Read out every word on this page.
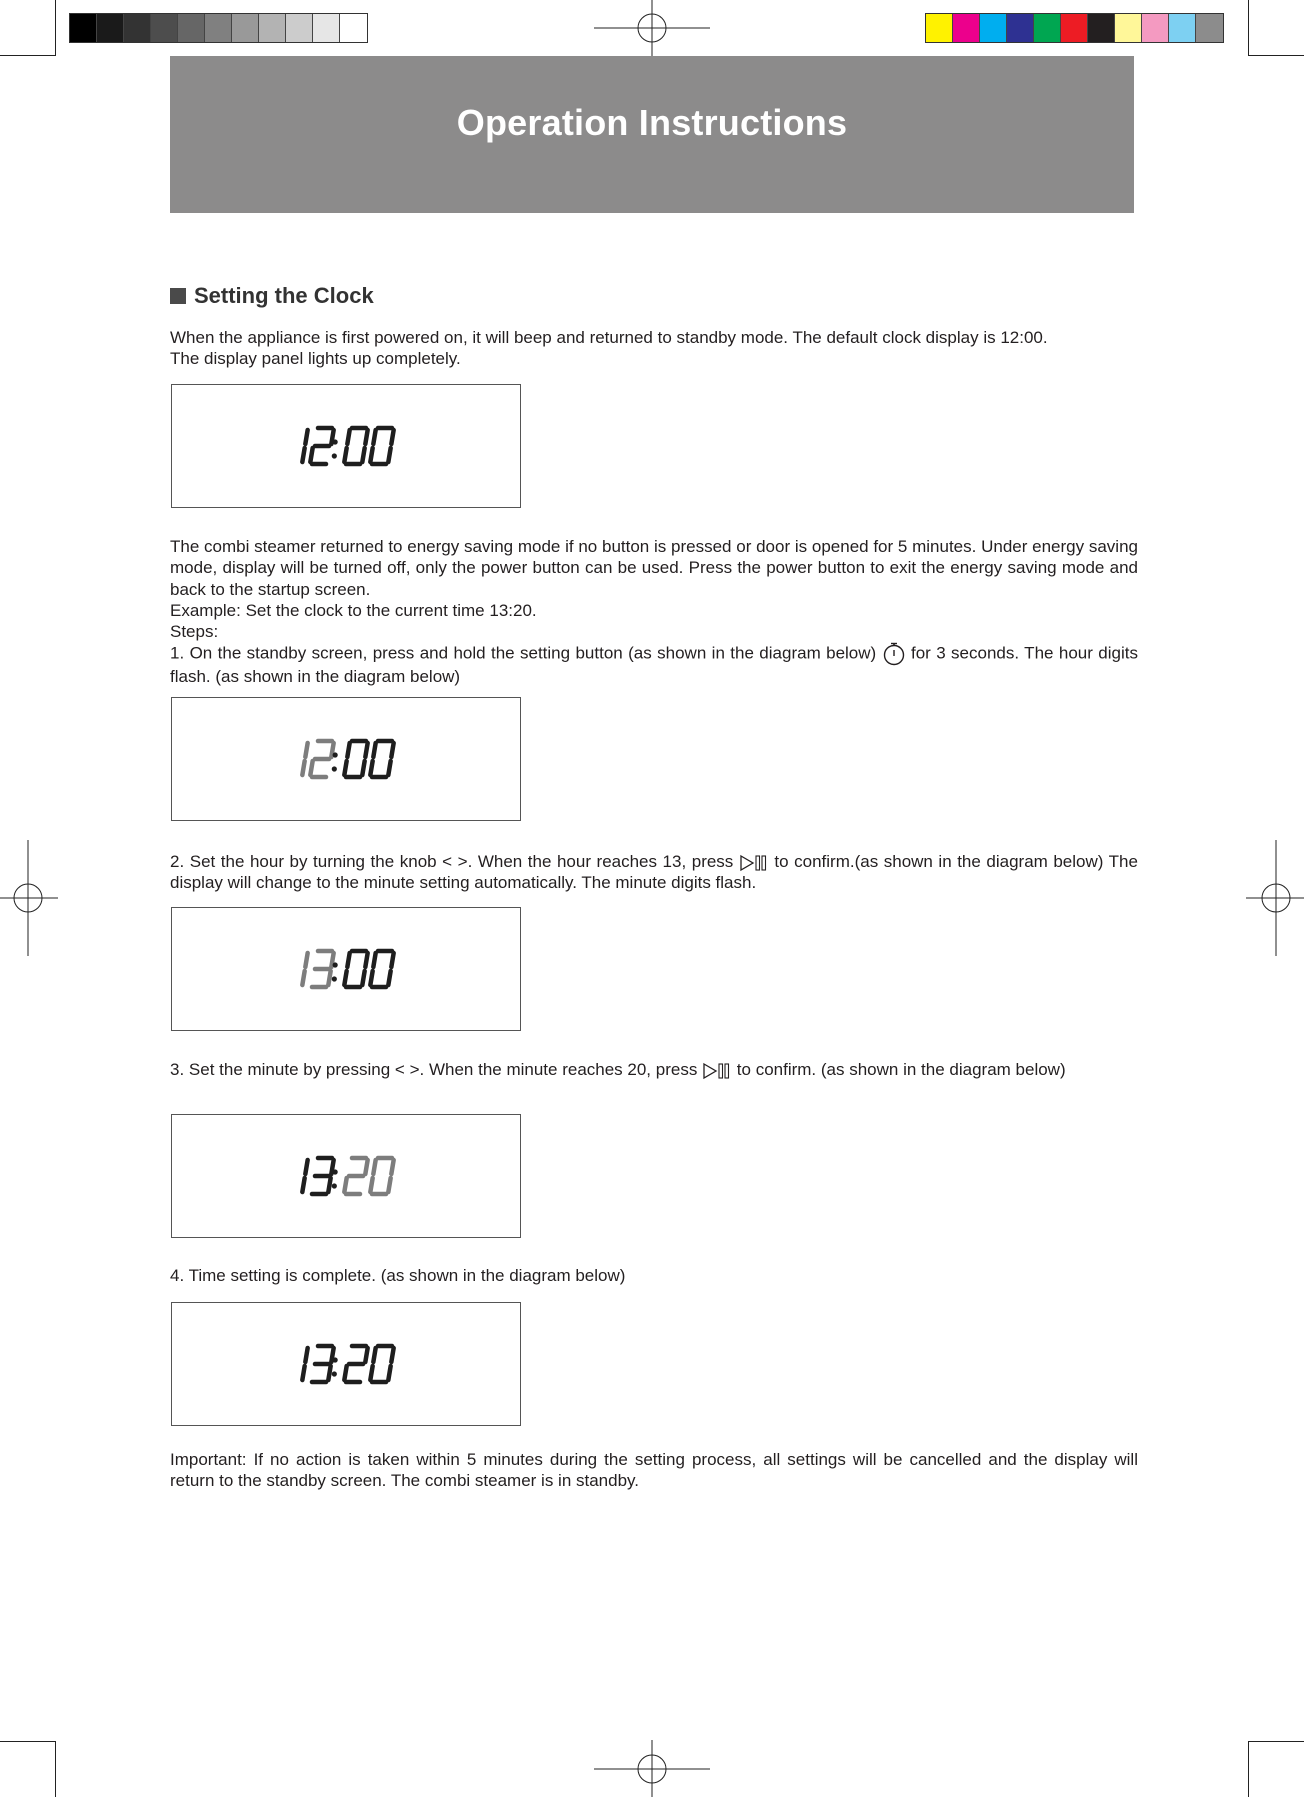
Operation Instructions
Setting the Clock

When the appliance is first powered on, it will beep and returned to standby mode. The default clock display is 12:00.

The display panel lights up completely.

The combi steamer returned to energy saving mode if no button is pressed or door is opened for 5 minutes. Under energy saving mode, display will be turned off, only the power button can be used. Press the power button to exit the energy saving mode and back to the startup screen.

Example: Set the clock to the current time 13:20.

Steps:

1. On the standby screen, press and hold the setting button (as shown in the diagram below) for 3 seconds. The hour digits flash. (as shown in the diagram below)

2. Set the hour by turning the knob < >. When the hour reaches 13, press to confirm.(as shown in the diagram below) The display will change to the minute setting automatically. The minute digits flash.
3. Set the minute by pressing < >. When the minute reaches 20, press to confirm. (as shown in the diagram below)

4. Time setting is complete. (as shown in the diagram below)

Important: If no action is taken within 5 minutes during the setting process, all settings will be cancelled and the display will return to the standby screen. The combi steamer is in standby.
